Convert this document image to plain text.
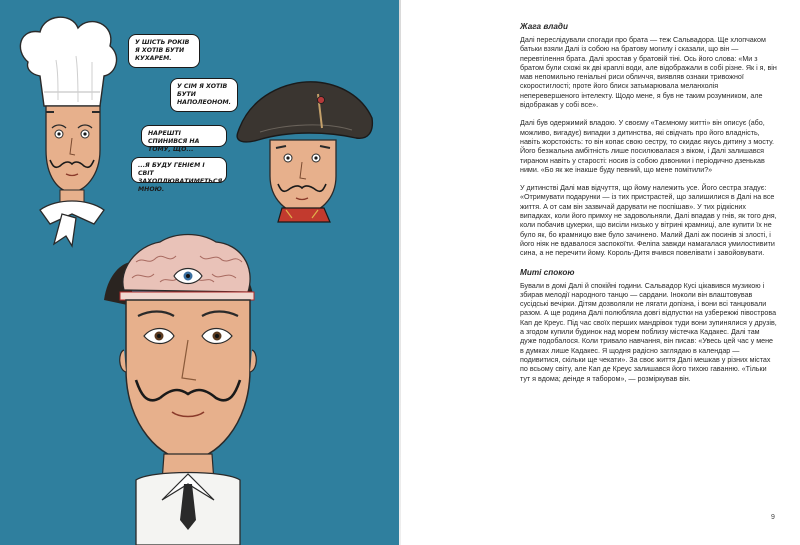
У ШІСТЬ РОКІВ Я ХОТІВ БУТИ КУХАРЕМ.
У СІМ Я ХОТІВ БУТИ НАПОЛЕОНОМ.
НАРЕШТІ СПИНИВСЯ НА ТОМУ, ЩО...
...Я БУДУ ГЕНІЄМ І СВІТ ЗАХОПЛЮВАТИМЕТЬСЯ МНОЮ.
Жага влади

Далі переслідували спогади про брата — теж Сальвадора. Ще хлопчаком батьки взяли Далі із собою на братову могилу і сказали, що він — перевтілення брата. Далі зростав у братовій тіні. Ось його слова: «Ми з братом були схожі як дві краплі води, але відображали в собі різне. Як і я, він мав непомильно геніальні риси обличчя, виявляв ознаки тривожної скоростиглості; проте його блиск затьмарювала меланхолія неперевершеного інтелекту. Щодо мене, я був не таким розумником, але відображав у собі все».

Далі був одержимий владою. У своєму «Таємному житті» він описує (або, можливо, вигадує) випадки з дитинства, які свідчать про його владність, навіть жорстокість: то він копає свою сестру, то скидає якусь дитину з мосту. Його безжальна амбітність лише посилювалася з віком, і Далі залишався тираном навіть у старості: носив із собою дзвоники і періодично дзенькав ними. «Бо як же інакше буду певний, що мене помітили?»

У дитинстві Далі мав відчуття, що йому належить усе. Його сестра згадує: «Отримувати подарунки — із тих пристрастей, що залишилися в Далі на все життя. А от сам він зазвичай дарувати не поспішав». У тих рідкісних випадках, коли його примху не задовольняли, Далі впадав у гнів, як того дня, коли побачив цукерки, що висіли низько у вітрині крамниці, але купити їх не було як, бо крамницю вже було зачинено. Малий Далі аж посинів зі злості, і його ніяк не вдавалося заспокоїти. Феліпа завжди намагалася умилостивити сина, а не перечити йому. Король-Дитя вчився повелівати і завойовувати.

Миті спокою

Бували в домі Далі й спокійні години. Сальвадор Кусі цікавився музикою і збирав мелодії народного танцю — сардани. Іноколи він влаштовував сусідські вечірки. Дітям дозволяли не лягати допізна, і вони всі танцювали разом. А ще родина Далі полюбляла довгі відпустки на узбережжі півострова Кап де Креус. Під час своїх перших мандрівок туди вони зупинялися у друзів, а згодом купили будинок над морем поблизу містечка Кадакес. Далі там дуже подобалося. Коли тривало навчання, він писав: «Увесь цей час у мене в думках лише Кадакес. Я щодня радісно заглядаю в календар — подивитися, скільки ще чекати». За своє життя Далі мешкав у різних містах по всьому світу, але Кап де Креус залишався його тихою гаванню. «Тільки тут я вдома; деінде я табором», — розміркував він.

9
